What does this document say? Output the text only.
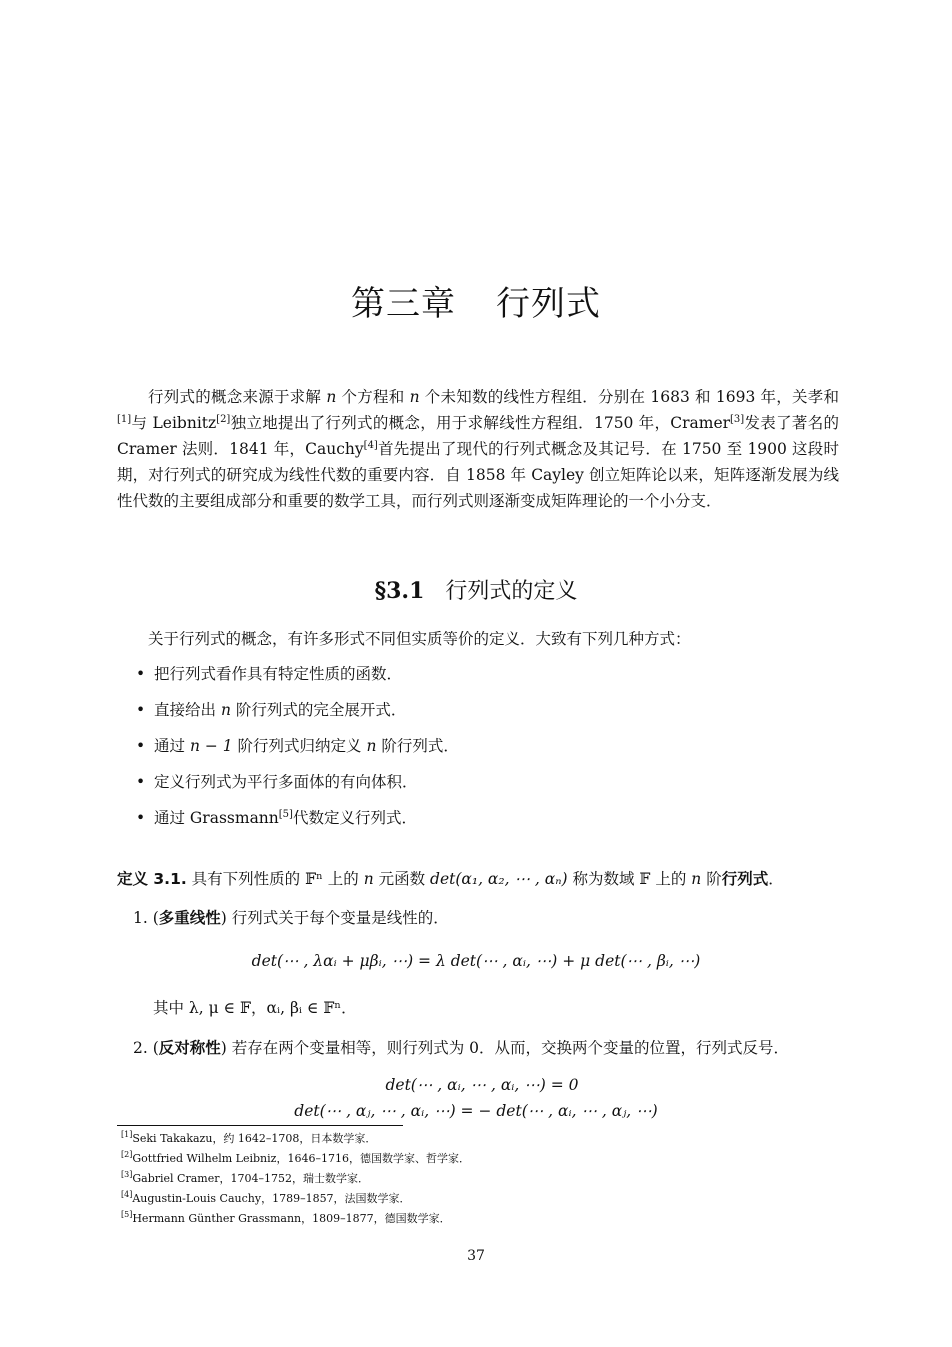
第三章 行列式

行列式的概念来源于求解 n 个方程和 n 个未知数的线性方程组．分别在 1683 和 1693 年，关孝和[1]与 Leibnitz[2]独立地提出了行列式的概念，用于求解线性方程组．1750 年，Cramer[3]发表了著名的 Cramer 法则．1841 年，Cauchy[4]首先提出了现代的行列式概念及其记号．在 1750 至 1900 这段时期，对行列式的研究成为线性代数的重要内容．自 1858 年 Cayley 创立矩阵论以来，矩阵逐渐发展为线性代数的主要组成部分和重要的数学工具，而行列式则逐渐变成矩阵理论的一个小分支．

§3.1 行列式的定义

关于行列式的概念，有许多形式不同但实质等价的定义．大致有下列几种方式：

• 把行列式看作具有特定性质的函数．
• 直接给出 n 阶行列式的完全展开式．
• 通过 n − 1 阶行列式归纳定义 n 阶行列式．
• 定义行列式为平行多面体的有向体积．
• 通过 Grassmann[5]代数定义行列式．

定义 3.1. 具有下列性质的 𝔽ⁿ 上的 n 元函数 det(α₁, α₂, ⋯ , αₙ) 称为数域 𝔽 上的 n 阶行列式．

1. (多重线性) 行列式关于每个变量是线性的．
det(⋯ , λαᵢ + μβᵢ, ⋯) = λ det(⋯ , αᵢ, ⋯) + μ det(⋯ , βᵢ, ⋯)
其中 λ, μ ∈ 𝔽，αᵢ, βᵢ ∈ 𝔽ⁿ．
2. (反对称性) 若存在两个变量相等，则行列式为 0．从而，交换两个变量的位置，行列式反号．
det(⋯ , αᵢ, ⋯ , αᵢ, ⋯) = 0
det(⋯ , αⱼ, ⋯ , αᵢ, ⋯) = − det(⋯ , αᵢ, ⋯ , αⱼ, ⋯)
[1]Seki Takakazu，约 1642–1708，日本数学家．
[2]Gottfried Wilhelm Leibniz，1646–1716，德国数学家、哲学家．
[3]Gabriel Cramer，1704–1752，瑞士数学家．
[4]Augustin-Louis Cauchy，1789–1857，法国数学家．
[5]Hermann Günther Grassmann，1809–1877，德国数学家．
37
